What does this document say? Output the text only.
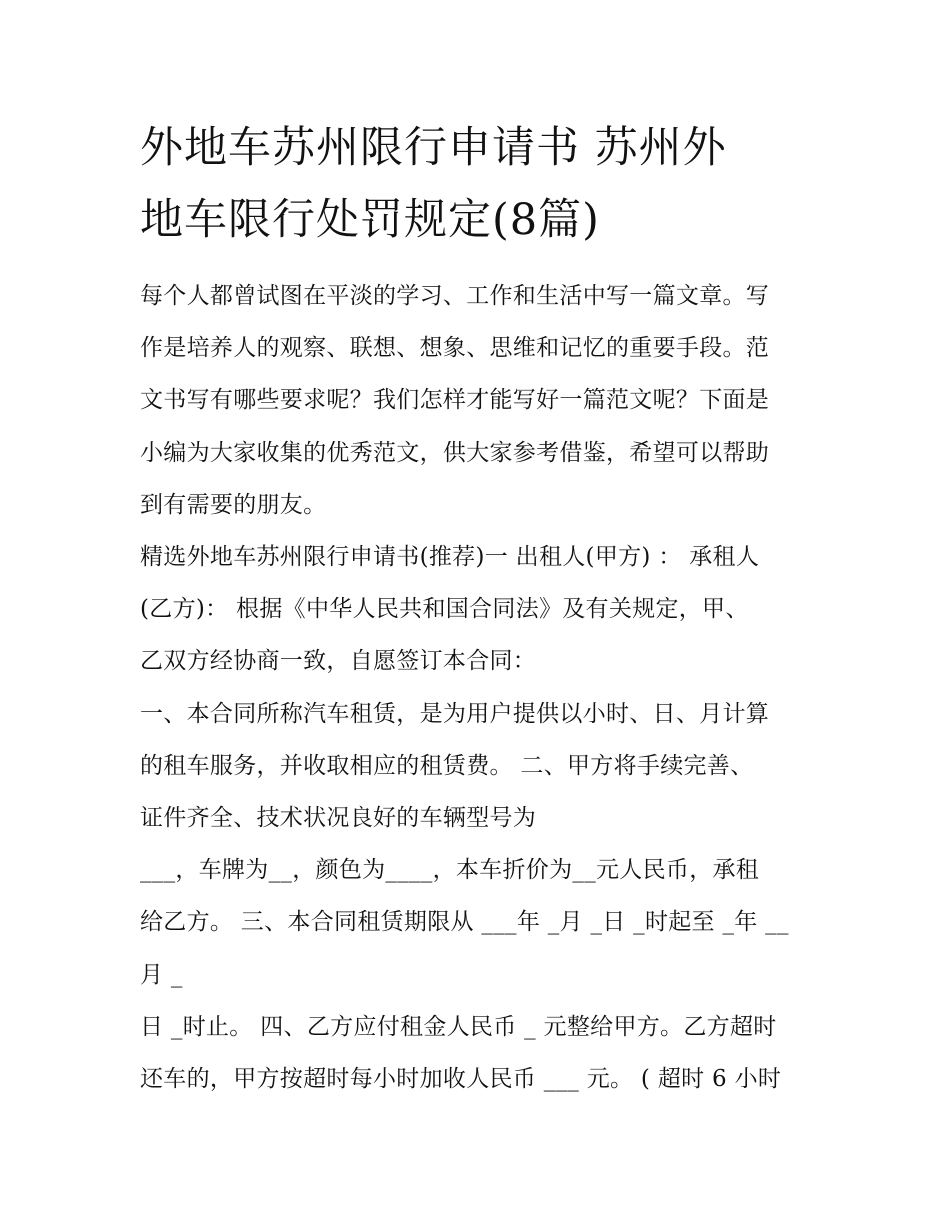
外地车苏州限行申请书 苏州外
地车限行处罚规定(8篇)

每个人都曾试图在平淡的学习、工作和生活中写一篇文章。写
作是培养人的观察、联想、想象、思维和记忆的重要手段。范
文书写有哪些要求呢？我们怎样才能写好一篇范文呢？下面是
小编为大家收集的优秀范文，供大家参考借鉴，希望可以帮助
到有需要的朋友。

精选外地车苏州限行申请书(推荐)一 出租人(甲方) ： 承租人
(乙方)： 根据《中华人民共和国合同法》及有关规定，甲、
乙双方经协商一致，自愿签订本合同：
一、本合同所称汽车租赁，是为用户提供以小时、日、月计算
的租车服务，并收取相应的租赁费。 二、甲方将手续完善、
证件齐全、技术状况良好的车辆型号为
___，车牌为__，颜色为____，本车折价为__元人民币，承租
给乙方。 三、本合同租赁期限从 ___年 _月 _日 _时起至 _年 __
月 _
日 _时止。 四、乙方应付租金人民币 _ 元整给甲方。乙方超时
还车的，甲方按超时每小时加收人民币 ___ 元。 ( 超时 6 小时
